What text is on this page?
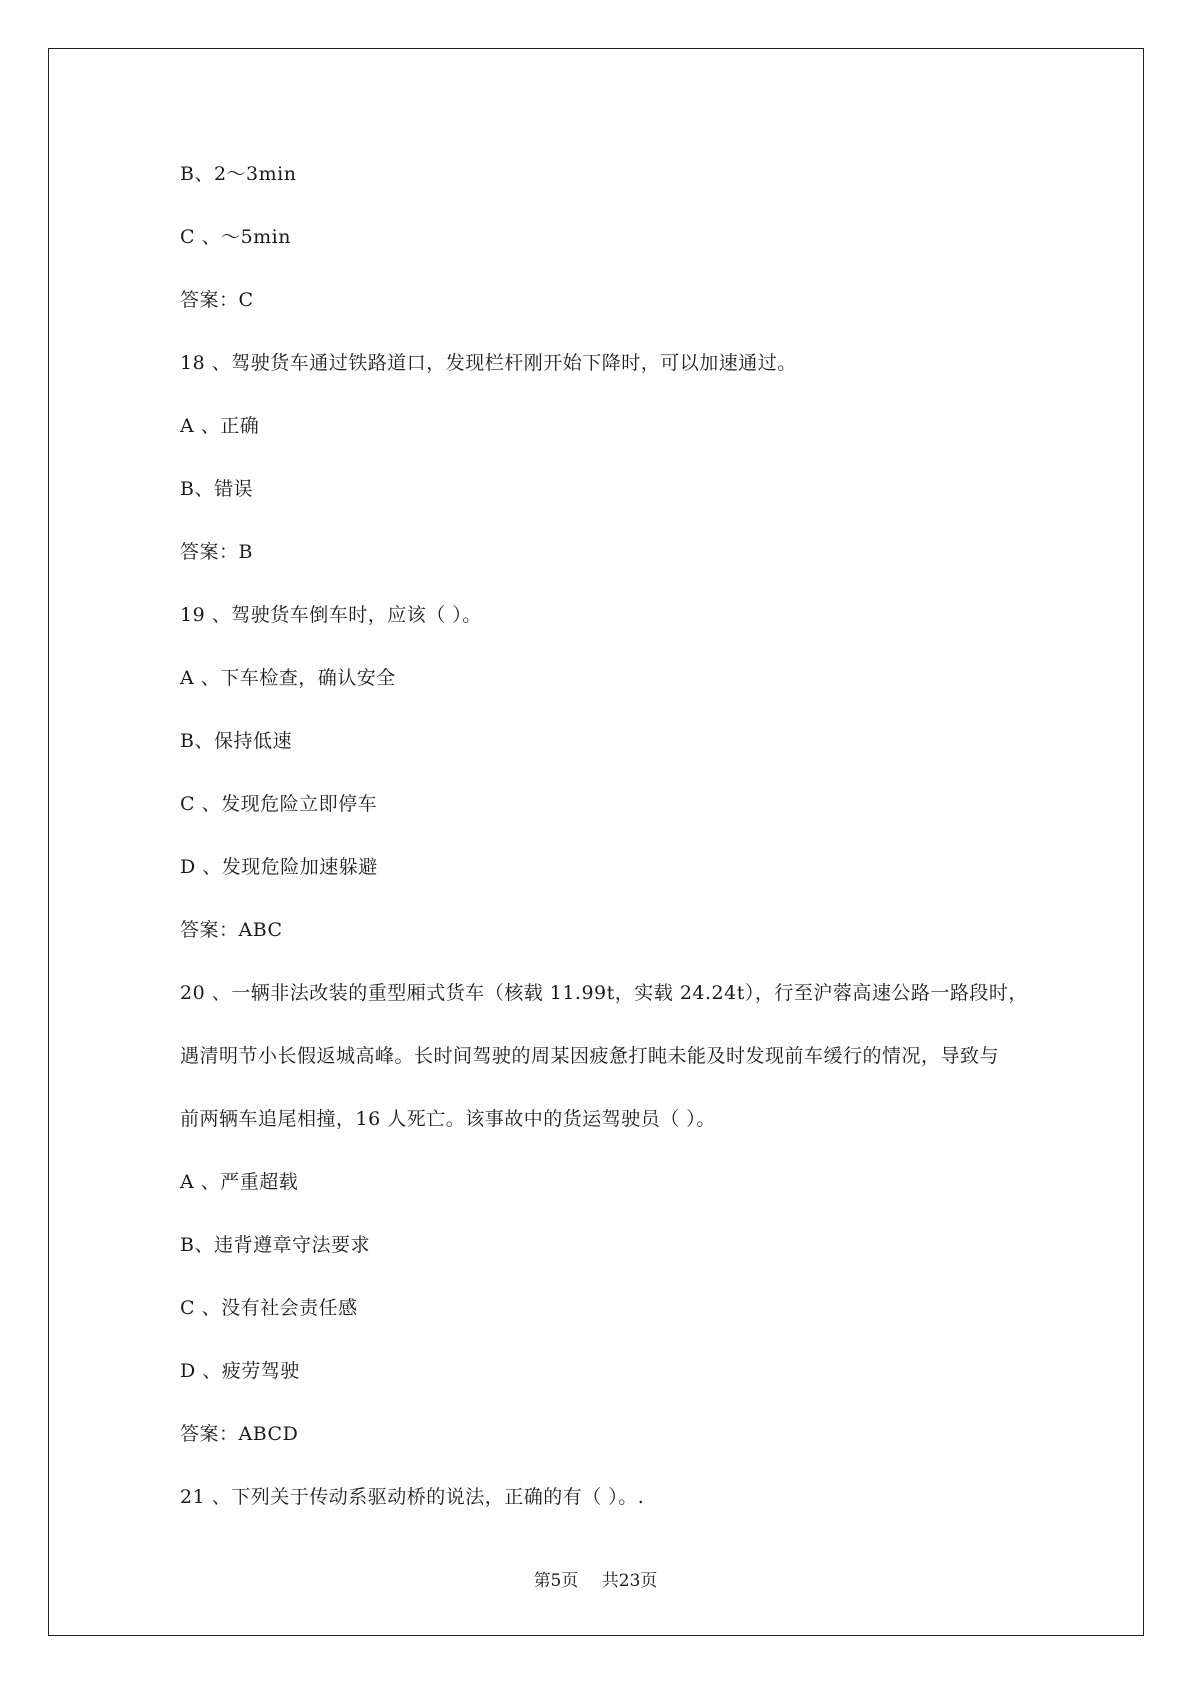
B、2～3min
C 、～5min
答案：C
18 、驾驶货车通过铁路道口，发现栏杆刚开始下降时，可以加速通过。
A 、正确
B、错误
答案：B
19 、驾驶货车倒车时，应该（ ）。
A 、下车检查，确认安全
B、保持低速
C 、发现危险立即停车
D 、发现危险加速躲避
答案：ABC
20 、一辆非法改装的重型厢式货车（核载 11.99t，实载 24.24t），行至沪蓉高速公路一路段时，
遇清明节小长假返城高峰。长时间驾驶的周某因疲惫打盹未能及时发现前车缓行的情况，导致与
前两辆车追尾相撞，16 人死亡。该事故中的货运驾驶员（ ）。
A 、严重超载
B、违背遵章守法要求
C 、没有社会责任感
D 、疲劳驾驶
答案：ABCD
21 、下列关于传动系驱动桥的说法，正确的有（ ）。.
第5页 共23页
